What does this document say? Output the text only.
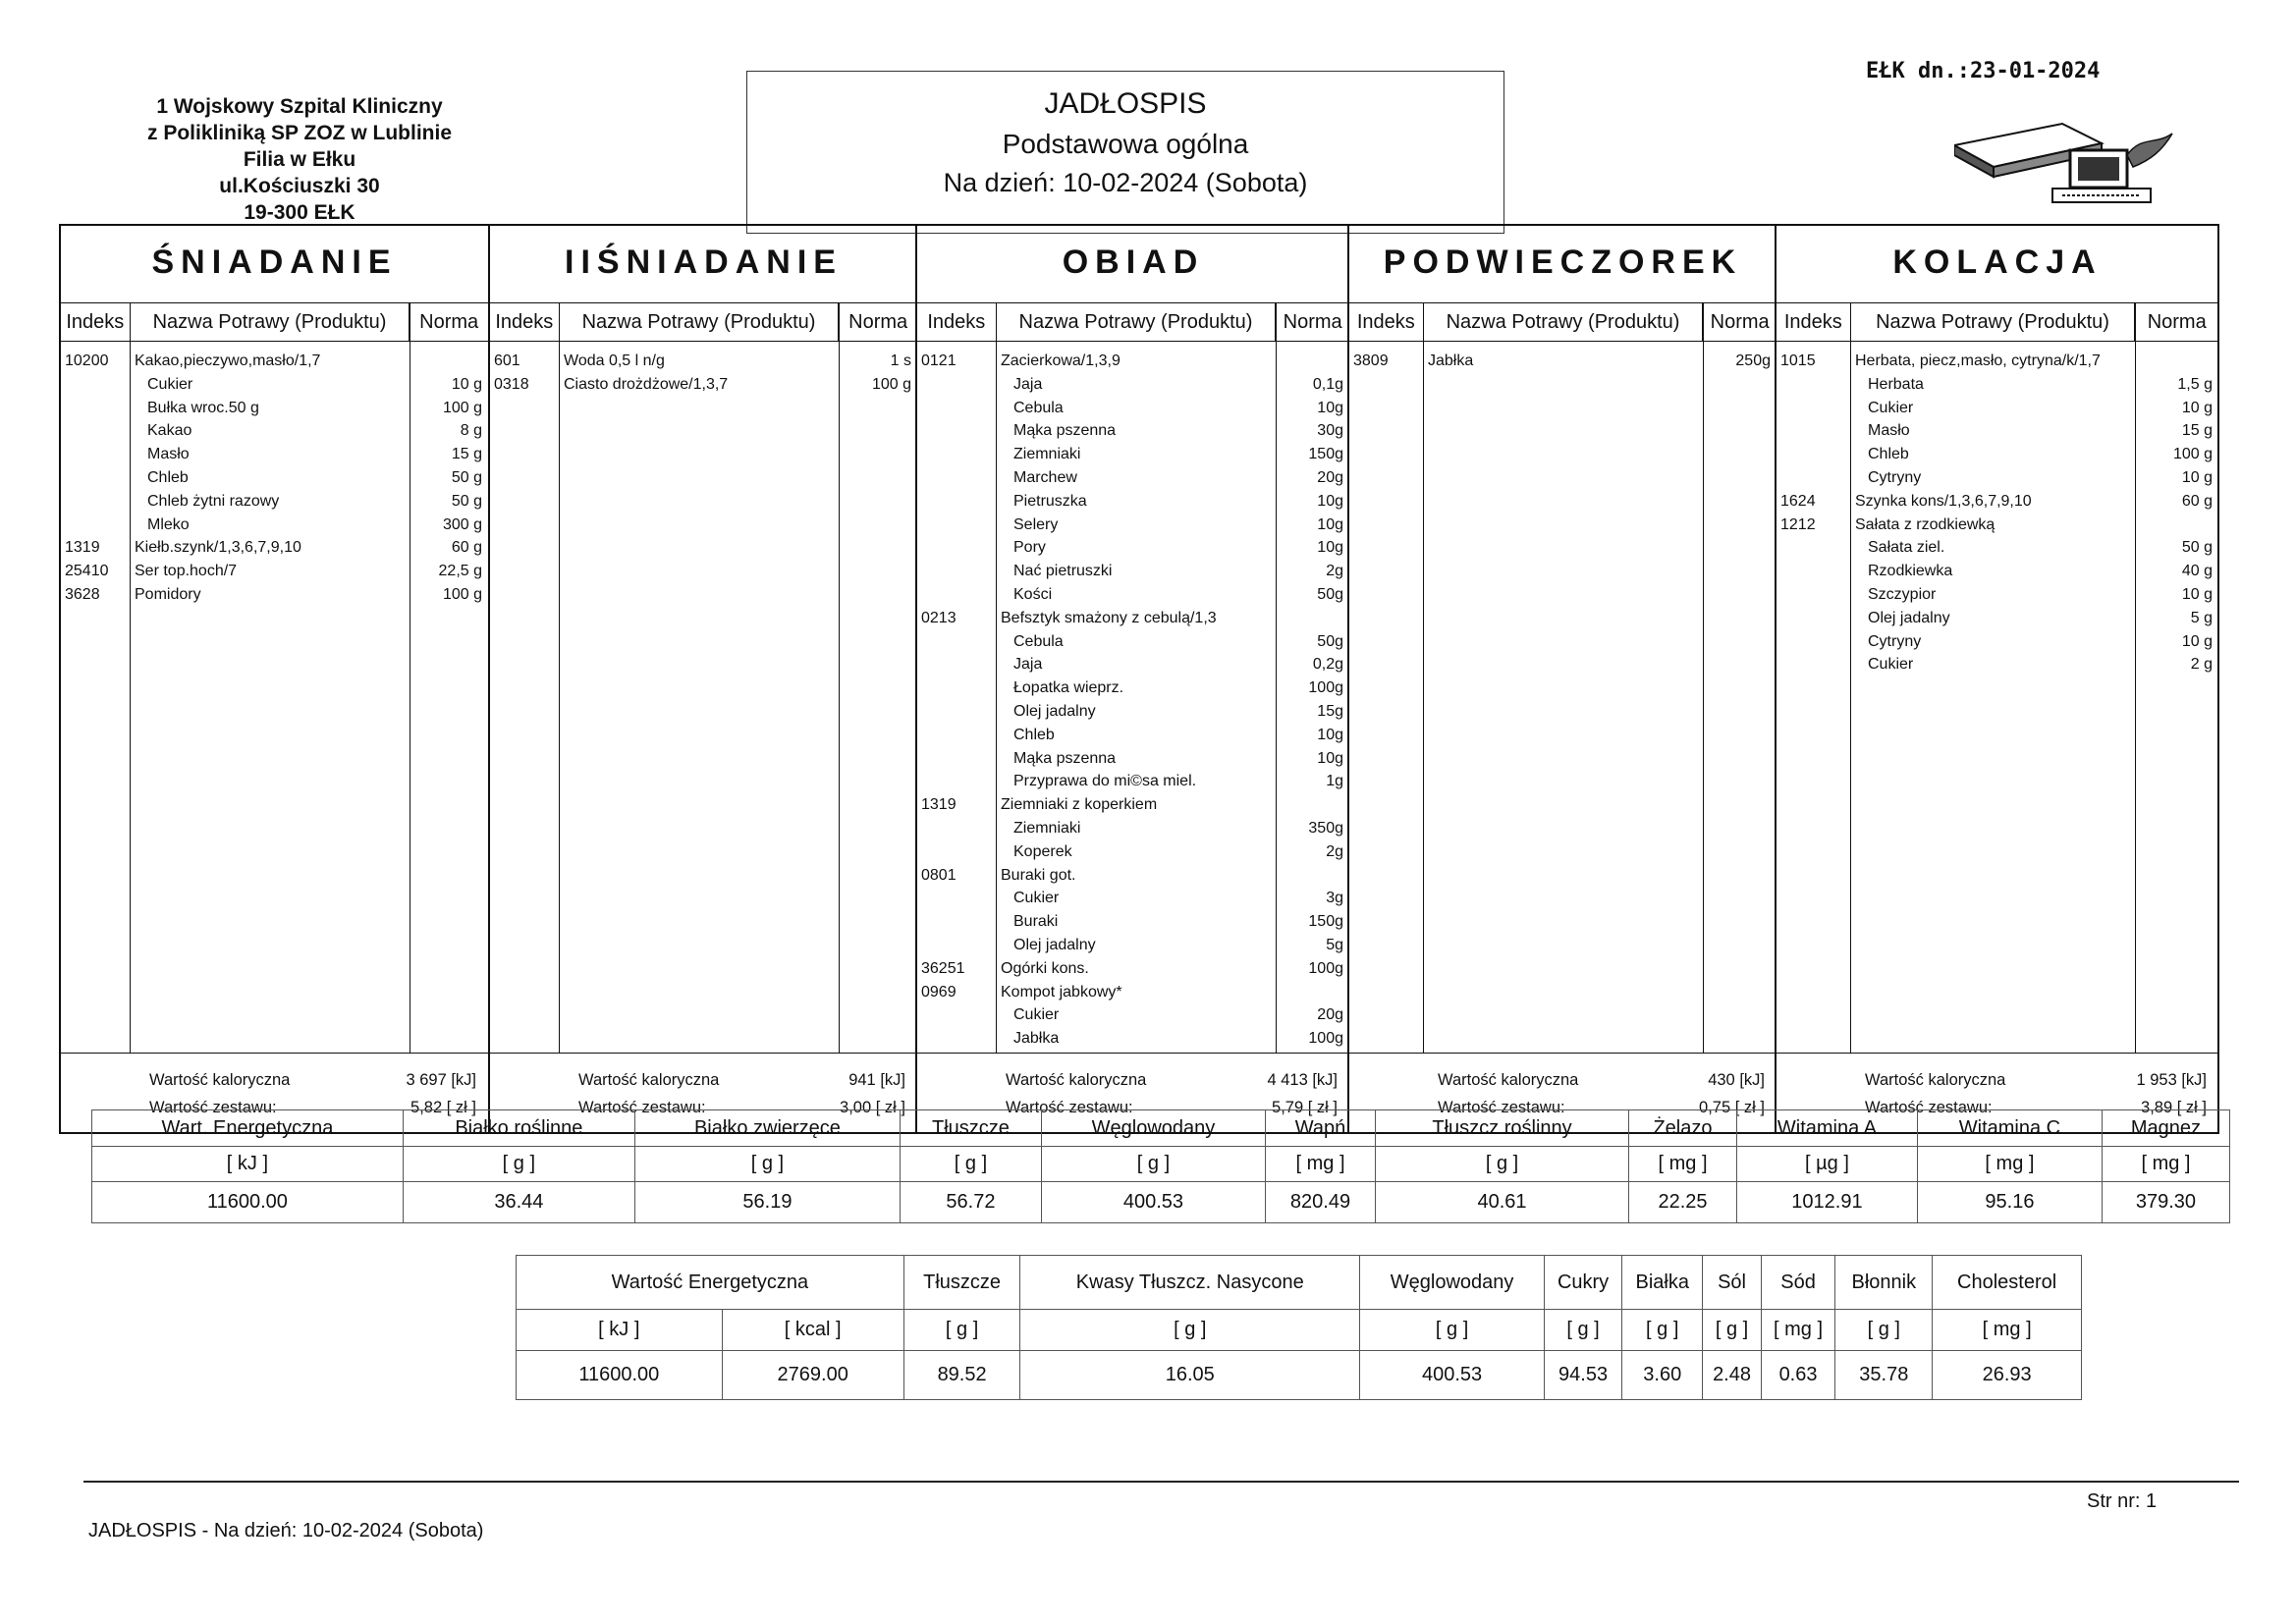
1 Wojskowy Szpital Kliniczny
z Polikliniką SP ZOZ w Lublinie
Filia w Ełku
ul.Kościuszki 30
19-300 EŁK
JADŁOSPIS
Podstawowa ogólna
Na dzień: 10-02-2024 (Sobota)
EŁK dn.:23-01-2024
ŚNIADANIE
Indeks	Nazwa Potrawy (Produktu)	Norma
10200 Kakao,pieczywo,masło/1,7
Cukier	10 g
Bułka wroc.50 g	100 g
Kakao	8 g
Masło	15 g
Chleb	50 g
Chleb żytni razowy	50 g
Mleko	300 g
1319 Kiełb.szynk/1,3,6,7,9,10	60 g
25410 Ser top.hoch/7	22,5 g
3628 Pomidory	100 g
Wartość kaloryczna	3 697 [kJ]
Wartość zestawu:	5,82 [ zł ]
IIŚNIADANIE
Indeks	Nazwa Potrawy (Produktu)	Norma
601	Woda 0,5 l n/g	1 s
0318 Ciasto drożdżowe/1,3,7	100 g
Wartość kaloryczna	941 [kJ]
Wartość zestawu:	3,00 [ zł ]
OBIAD
Indeks	Nazwa Potrawy (Produktu)	Norma
0121	Zacierkowa/1,3,9
Jaja	0,1g
Cebula	10g
Mąka pszenna	30g
Ziemniaki	150g
Marchew	20g
Pietruszka	10g
Selery	10g
Pory	10g
Nać pietruszki	2g
Kości	50g
0213	Befsztyk smażony z cebulą/1,3
Cebula	50g
Jaja	0,2g
Łopatka wieprz.	100g
Olej jadalny	15g
Chleb	10g
Mąka pszenna	10g
Przyprawa do mi©sa miel.	1g
1319	Ziemniaki z koperkiem
Ziemniaki	350g
Koperek	2g
0801	Buraki got.
Cukier	3g
Buraki	150g
Olej jadalny	5g
36251 Ogórki kons.	100g
0969	Kompot jabkowy*
Cukier	20g
Jabłka	100g
Wartość kaloryczna	4 413 [kJ]
Wartość zestawu:	5,79 [ zł ]
PODWIECZOREK
Indeks	Nazwa Potrawy (Produktu)	Norma
3809	Jabłka	250g
Wartość kaloryczna	430 [kJ]
Wartość zestawu:	0,75 [ zł ]
KOLACJA
Indeks	Nazwa Potrawy (Produktu)	Norma
1015	Herbata, piecz,masło, cytryna/k/1,7
Herbata	1,5 g
Cukier	10 g
Masło	15 g
Chleb	100 g
Cytryny	10 g
1624	Szynka kons/1,3,6,7,9,10	60 g
1212	Sałata z rzodkiewką
Sałata ziel.	50 g
Rzodkiewka	40 g
Szczypior	10 g
Olej jadalny	5 g
Cytryny	10 g
Cukier	2 g
Wartość kaloryczna	1 953 [kJ]
Wartość zestawu:	3,89 [ zł ]
Wart. Energetyczna	Białko roślinne	Białko zwierzęce	Tłuszcze	Węglowodany	Wapń	Tłuszcz roślinny	Żelazo	Witamina A	Witamina C	Magnez
[ kJ ]	[ g ]	[ g ]	[ g ]	[ g ]	[ mg ]	[ g ]	[ mg ]	[ µg ]	[ mg ]	[ mg ]
11600.00	36.44	56.19	56.72	400.53	820.49	40.61	22.25	1012.91	95.16	379.30
Wartość Energetyczna		Tłuszcze	Kwasy Tłuszcz. Nasycone	Węglowodany	Cukry	Białka	Sól	Sód	Błonnik	Cholesterol
[ kJ ]	[ kcal ]	[ g ]	[ g ]	[ g ]	[ g ]	[ g ]	[ g ]	[ mg ]	[ g ]	[ mg ]
11600.00	2769.00	89.52	16.05	400.53	94.53	3.60	2.48	0.63	35.78	26.93
JADŁOSPIS - Na dzień: 10-02-2024 (Sobota)
Str nr: 1
